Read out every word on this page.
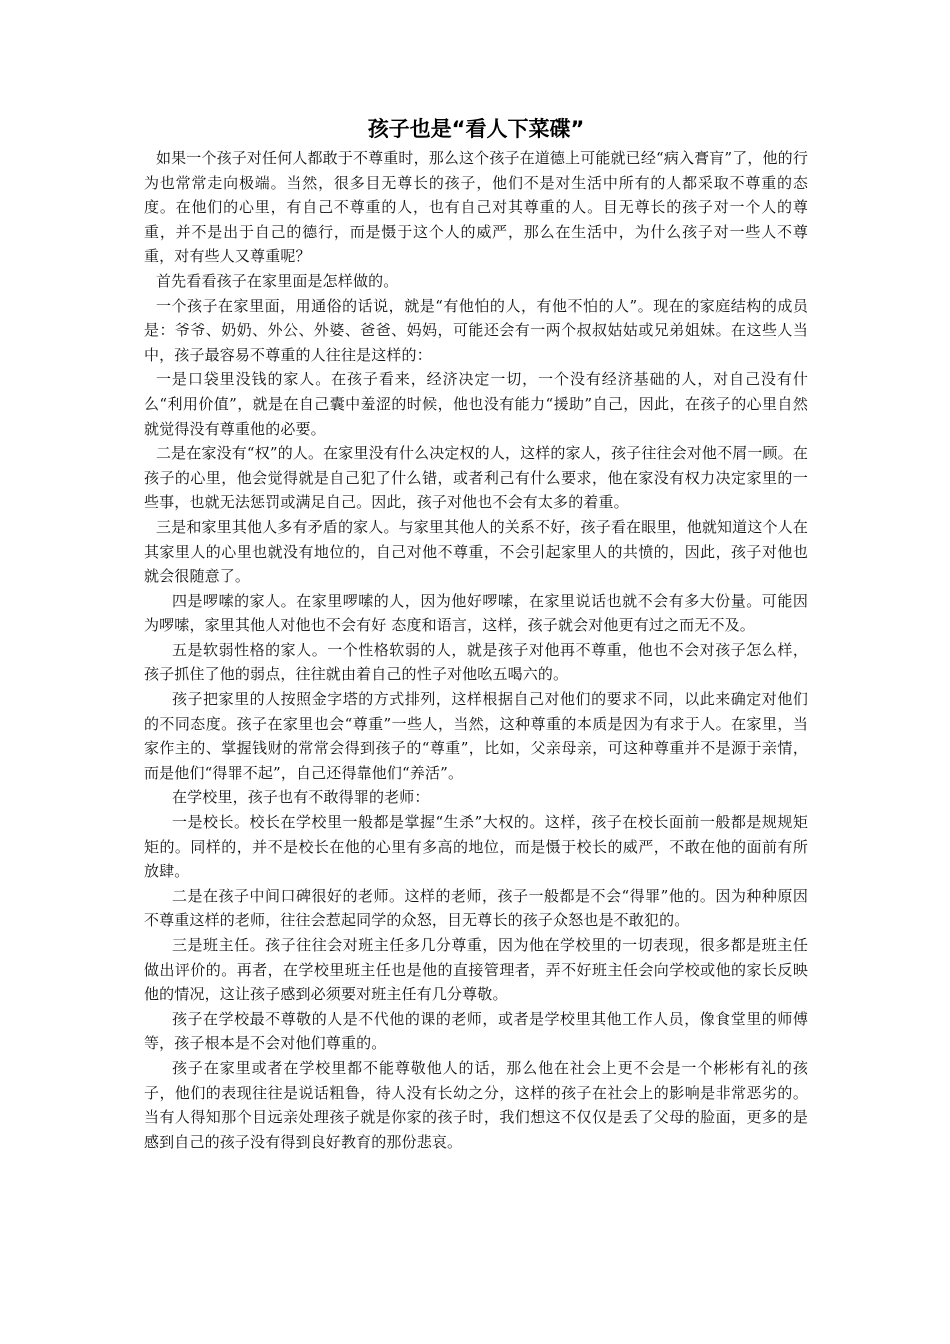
孩子也是“看人下菜碟”

如果一个孩子对任何人都敢于不尊重时，那么这个孩子在道德上可能就已经“病入膏肓”了，他的行为也常常走向极端。当然，很多目无尊长的孩子，他们不是对生活中所有的人都采取不尊重的态度。在他们的心里，有自己不尊重的人，也有自己对其尊重的人。目无尊长的孩子对一个人的尊重，并不是出于自己的德行，而是慑于这个人的威严，那么在生活中，为什么孩子对一些人不尊重，对有些人又尊重呢？

首先看看孩子在家里面是怎样做的。

一个孩子在家里面，用通俗的话说，就是“有他怕的人，有他不怕的人”。现在的家庭结构的成员是：爷爷、奶奶、外公、外婆、爸爸、妈妈，可能还会有一两个叔叔姑姑或兄弟姐妹。在这些人当中，孩子最容易不尊重的人往往是这样的：

一是口袋里没钱的家人。在孩子看来，经济决定一切，一个没有经济基础的人，对自己没有什么“利用价值”，就是在自己囊中羞涩的时候，他也没有能力“援助”自己，因此，在孩子的心里自然就觉得没有尊重他的必要。

二是在家没有“权”的人。在家里没有什么决定权的人，这样的家人，孩子往往会对他不屑一顾。在孩子的心里，他会觉得就是自己犯了什么错，或者利己有什么要求，他在家没有权力决定家里的一些事，也就无法惩罚或满足自己。因此，孩子对他也不会有太多的着重。

三是和家里其他人多有矛盾的家人。与家里其他人的关系不好，孩子看在眼里，他就知道这个人在其家里人的心里也就没有地位的，自己对他不尊重，不会引起家里人的共愤的，因此，孩子对他也就会很随意了。

四是啰嗦的家人。在家里啰嗦的人，因为他好啰嗦，在家里说话也就不会有多大份量。可能因为啰嗦，家里其他人对他也不会有好 态度和语言，这样，孩子就会对他更有过之而无不及。

五是软弱性格的家人。一个性格软弱的人，就是孩子对他再不尊重，他也不会对孩子怎么样，孩子抓住了他的弱点，往往就由着自己的性子对他吆五喝六的。

孩子把家里的人按照金字塔的方式排列，这样根据自己对他们的要求不同，以此来确定对他们的不同态度。孩子在家里也会“尊重”一些人，当然，这种尊重的本质是因为有求于人。在家里，当家作主的、掌握钱财的常常会得到孩子的“尊重”，比如，父亲母亲，可这种尊重并不是源于亲情，而是他们“得罪不起”，自己还得靠他们“养活”。

在学校里，孩子也有不敢得罪的老师：

一是校长。校长在学校里一般都是掌握“生杀”大权的。这样，孩子在校长面前一般都是规规矩矩的。同样的，并不是校长在他的心里有多高的地位，而是慑于校长的威严，不敢在他的面前有所放肆。

二是在孩子中间口碑很好的老师。这样的老师，孩子一般都是不会“得罪”他的。因为种种原因不尊重这样的老师，往往会惹起同学的众怒，目无尊长的孩子众怒也是不敢犯的。

三是班主任。孩子往往会对班主任多几分尊重，因为他在学校里的一切表现，很多都是班主任做出评价的。再者，在学校里班主任也是他的直接管理者，弄不好班主任会向学校或他的家长反映他的情况，这让孩子感到必须要对班主任有几分尊敬。

孩子在学校最不尊敬的人是不代他的课的老师，或者是学校里其他工作人员，像食堂里的师傅等，孩子根本是不会对他们尊重的。

孩子在家里或者在学校里都不能尊敬他人的话，那么他在社会上更不会是一个彬彬有礼的孩子，他们的表现往往是说话粗鲁，待人没有长幼之分，这样的孩子在社会上的影响是非常恶劣的。当有人得知那个目远亲处理孩子就是你家的孩子时，我们想这不仅仅是丢了父母的脸面，更多的是感到自己的孩子没有得到良好教育的那份悲哀。
